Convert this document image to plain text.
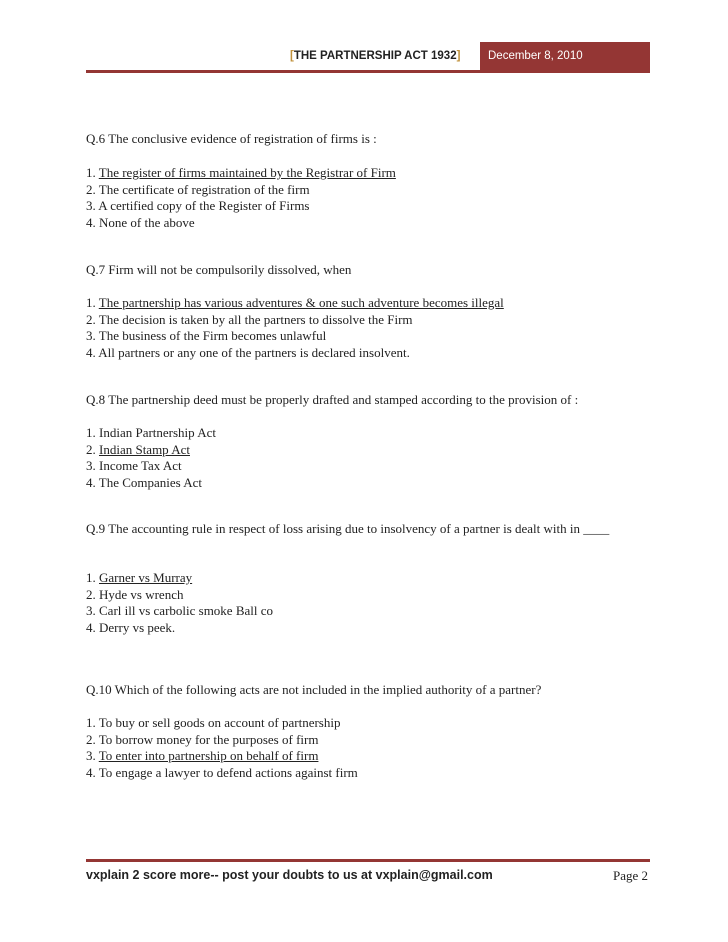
[THE PARTNERSHIP ACT 1932]	December 8, 2010

Q.6 The conclusive evidence of registration of firms is :

1. The register of firms maintained by the Registrar of Firm
2. The certificate of registration of the firm
3. A certified copy of the Register of Firms
4. None of the above

Q.7 Firm will not be compulsorily dissolved, when

1. The partnership has various adventures & one such adventure becomes illegal
2. The decision is taken by all the partners to dissolve the Firm
3. The business of the Firm becomes unlawful
4. All partners or any one of the partners is declared insolvent.

Q.8 The partnership deed must be properly drafted and stamped according to the provision of :

1. Indian Partnership Act
2. Indian Stamp Act
3. Income Tax Act
4. The Companies Act

Q.9 The accounting rule in respect of loss arising due to insolvency of a partner is dealt with in ____

1. Garner vs Murray
2. Hyde vs wrench
3. Carl ill vs carbolic smoke Ball co
4. Derry vs peek.

Q.10 Which of the following acts are not included in the implied authority of a partner?

1. To buy or sell goods on account of partnership
2. To borrow money for the purposes of firm
3. To enter into partnership on behalf of firm
4. To engage a lawyer to defend actions against firm
vxplain 2 score more-- post your doubts to us at vxplain@gmail.com	Page 2
